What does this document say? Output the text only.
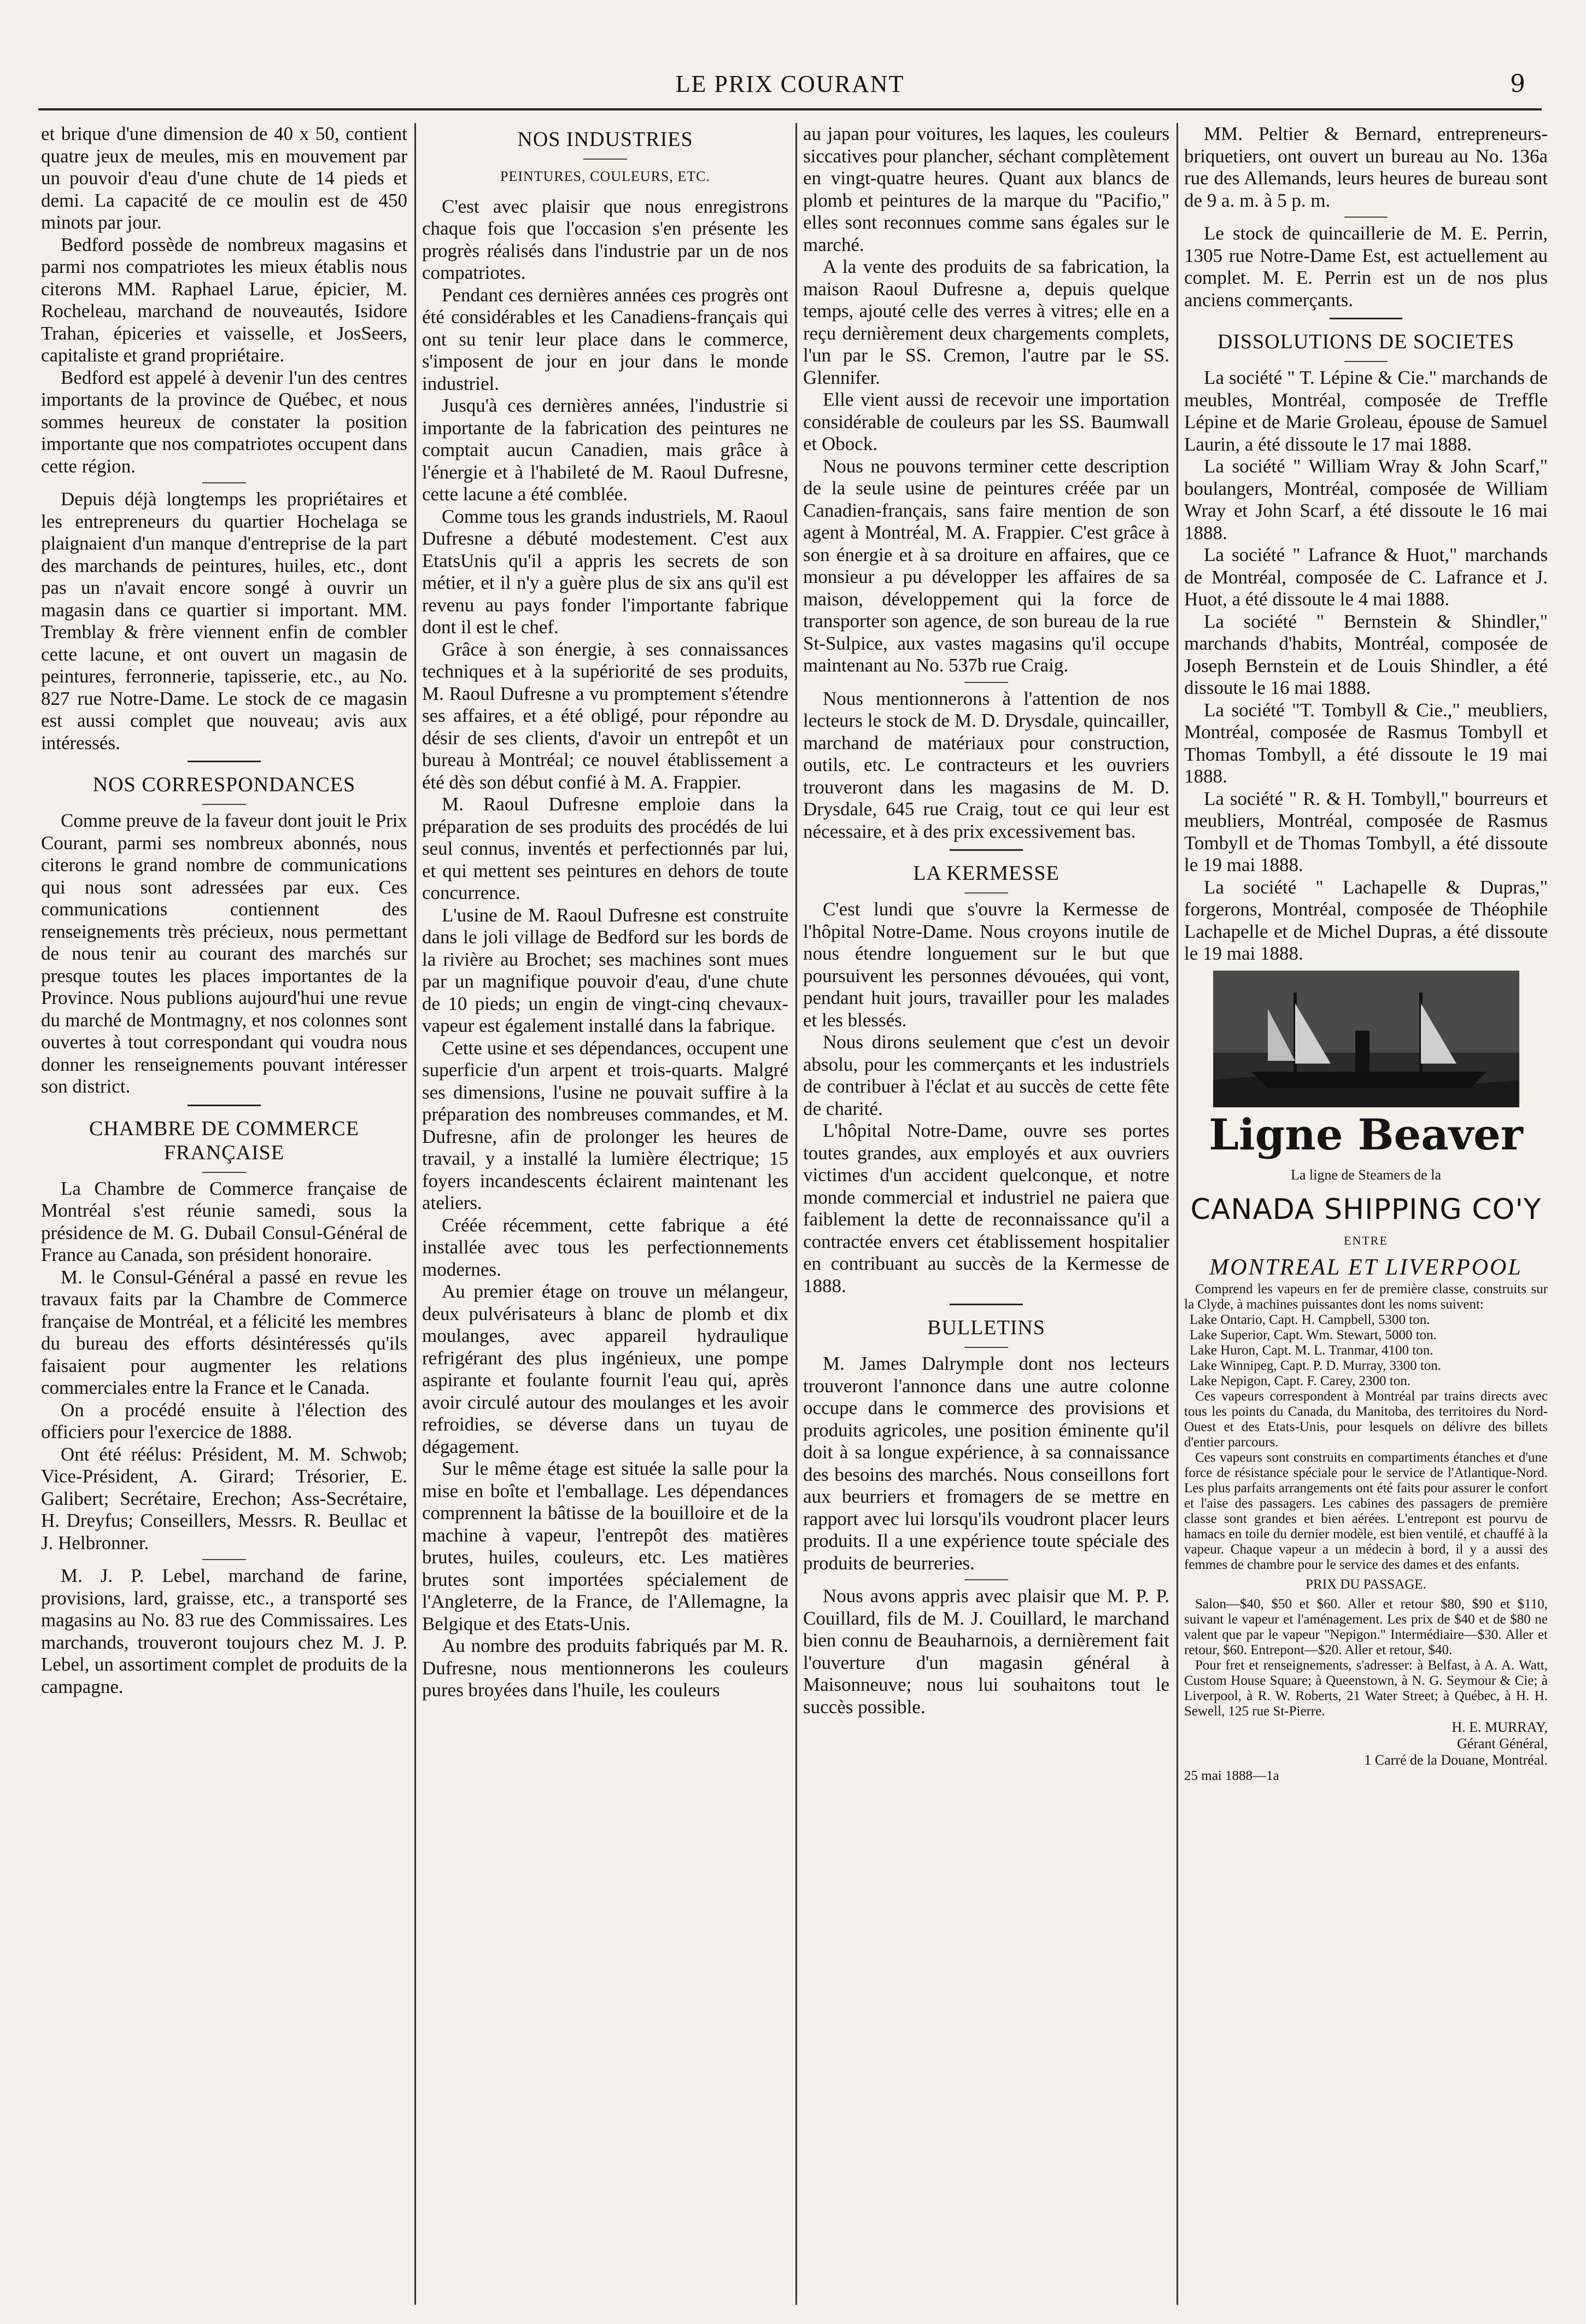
LE PRIX COURANT	9

et brique d'une dimension de 40 x 50, contient quatre jeux de meules, mis en mouvement par un pouvoir d'eau d'une chute de 14 pieds et demi. La capacité de ce moulin est de 450 minots par jour.

Bedford possède de nombreux magasins et parmi nos compatriotes les mieux établis nous citerons MM. Raphael Larue, épicier, M. Rocheleau, marchand de nouveautés, Isidore Trahan, épiceries et vaisselle, et JosSeers, capitaliste et grand propriétaire.

Bedford est appelé à devenir l'un des centres importants de la province de Québec, et nous sommes heureux de constater la position importante que nos compatriotes occupent dans cette région.

Depuis déjà longtemps les propriétaires et les entrepreneurs du quartier Hochelaga se plaignaient d'un manque d'entreprise de la part des marchands de peintures, huiles, etc., dont pas un n'avait encore songé à ouvrir un magasin dans ce quartier si important. MM. Tremblay & frère viennent enfin de combler cette lacune, et ont ouvert un magasin de peintures, ferronnerie, tapisserie, etc., au No. 827 rue Notre-Dame. Le stock de ce magasin est aussi complet que nouveau; avis aux intéressés.

NOS CORRESPONDANCES

Comme preuve de la faveur dont jouit le Prix Courant, parmi ses nombreux abonnés, nous citerons le grand nombre de communications qui nous sont adressées par eux. Ces communications contiennent des renseignements très précieux, nous permettant de nous tenir au courant des marchés sur presque toutes les places importantes de la Province. Nous publions aujourd'hui une revue du marché de Montmagny, et nos colonnes sont ouvertes à tout correspondant qui voudra nous donner les renseignements pouvant intéresser son district.

CHAMBRE DE COMMERCE FRANÇAISE

La Chambre de Commerce française de Montréal s'est réunie samedi, sous la présidence de M. G. Dubail Consul-Général de France au Canada, son président honoraire.

M. le Consul-Général a passé en revue les travaux faits par la Chambre de Commerce française de Montréal, et a félicité les membres du bureau des efforts désintéressés qu'ils faisaient pour augmenter les relations commerciales entre la France et le Canada.

On a procédé ensuite à l'élection des officiers pour l'exercice de 1888.

Ont été réélus: Président, M. M. Schwob; Vice-Président, A. Girard; Trésorier, E. Galibert; Secrétaire, Erechon; Ass-Secrétaire, H. Dreyfus; Conseillers, Messrs. R. Beullac et J. Helbronner.

M. J. P. Lebel, marchand de farine, provisions, lard, graisse, etc., a transporté ses magasins au No. 83 rue des Commissaires. Les marchands, trouveront toujours chez M. J. P. Lebel, un assortiment complet de produits de la campagne.

NOS INDUSTRIES
PEINTURES, COULEURS, ETC.

C'est avec plaisir que nous enregistrons chaque fois que l'occasion s'en présente les progrès réalisés dans l'industrie par un de nos compatriotes.

Pendant ces dernières années ces progrès ont été considérables et les Canadiens-français qui ont su tenir leur place dans le commerce, s'imposent de jour en jour dans le monde industriel.

Jusqu'à ces dernières années, l'industrie si importante de la fabrication des peintures ne comptait aucun Canadien, mais grâce à l'énergie et à l'habileté de M. Raoul Dufresne, cette lacune a été comblée.

Comme tous les grands industriels, M. Raoul Dufresne a débuté modestement. C'est aux EtatsUnis qu'il a appris les secrets de son métier, et il n'y a guère plus de six ans qu'il est revenu au pays fonder l'importante fabrique dont il est le chef.

Grâce à son énergie, à ses connaissances techniques et à la supériorité de ses produits, M. Raoul Dufresne a vu promptement s'étendre ses affaires, et a été obligé, pour répondre au désir de ses clients, d'avoir un entrepôt et un bureau à Montréal; ce nouvel établissement a été dès son début confié à M. A. Frappier.

M. Raoul Dufresne emploie dans la préparation de ses produits des procédés de lui seul connus, inventés et perfectionnés par lui, et qui mettent ses peintures en dehors de toute concurrence.

L'usine de M. Raoul Dufresne est construite dans le joli village de Bedford sur les bords de la rivière au Brochet; ses machines sont mues par un magnifique pouvoir d'eau, d'une chute de 10 pieds; un engin de vingt-cinq chevaux-vapeur est également installé dans la fabrique.

Cette usine et ses dépendances, occupent une superficie d'un arpent et trois-quarts. Malgré ses dimensions, l'usine ne pouvait suffire à la préparation des nombreuses commandes, et M. Dufresne, afin de prolonger les heures de travail, y a installé la lumière électrique; 15 foyers incandescents éclairent maintenant les ateliers.

Créée récemment, cette fabrique a été installée avec tous les perfectionnements modernes.

Au premier étage on trouve un mélangeur, deux pulvérisateurs à blanc de plomb et dix moulanges, avec appareil hydraulique refrigérant des plus ingénieux, une pompe aspirante et foulante fournit l'eau qui, après avoir circulé autour des moulanges et les avoir refroidies, se déverse dans un tuyau de dégagement.

Sur le même étage est située la salle pour la mise en boîte et l'emballage. Les dépendances comprennent la bâtisse de la bouilloire et de la machine à vapeur, l'entrepôt des matières brutes, huiles, couleurs, etc. Les matières brutes sont importées spécialement de l'Angleterre, de la France, de l'Allemagne, la Belgique et des Etats-Unis.

Au nombre des produits fabriqués par M. R. Dufresne, nous mentionnerons les couleurs pures broyées dans l'huile, les couleurs

au japan pour voitures, les laques, les couleurs siccatives pour plancher, séchant complètement en vingt-quatre heures. Quant aux blancs de plomb et peintures de la marque du "Pacifio," elles sont reconnues comme sans égales sur le marché.

A la vente des produits de sa fabrication, la maison Raoul Dufresne a, depuis quelque temps, ajouté celle des verres à vitres; elle en a reçu dernièrement deux chargements complets, l'un par le SS. Cremon, l'autre par le SS. Glennifer.

Elle vient aussi de recevoir une importation considérable de couleurs par les SS. Baumwall et Obock.

Nous ne pouvons terminer cette description de la seule usine de peintures créée par un Canadien-français, sans faire mention de son agent à Montréal, M. A. Frappier. C'est grâce à son énergie et à sa droiture en affaires, que ce monsieur a pu développer les affaires de sa maison, développement qui la force de transporter son agence, de son bureau de la rue St-Sulpice, aux vastes magasins qu'il occupe maintenant au No. 537b rue Craig.

Nous mentionnerons à l'attention de nos lecteurs le stock de M. D. Drysdale, quincailler, marchand de matériaux pour construction, outils, etc. Le contracteurs et les ouvriers trouveront dans les magasins de M. D. Drysdale, 645 rue Craig, tout ce qui leur est nécessaire, et à des prix excessivement bas.

LA KERMESSE

C'est lundi que s'ouvre la Kermesse de l'hôpital Notre-Dame. Nous croyons inutile de nous étendre longuement sur le but que poursuivent les personnes dévouées, qui vont, pendant huit jours, travailler pour les malades et les blessés.

Nous dirons seulement que c'est un devoir absolu, pour les commerçants et les industriels de contribuer à l'éclat et au succès de cette fête de charité.

L'hôpital Notre-Dame, ouvre ses portes toutes grandes, aux employés et aux ouvriers victimes d'un accident quelconque, et notre monde commercial et industriel ne paiera que faiblement la dette de reconnaissance qu'il a contractée envers cet établissement hospitalier en contribuant au succès de la Kermesse de 1888.

BULLETINS

M. James Dalrymple dont nos lecteurs trouveront l'annonce dans une autre colonne occupe dans le commerce des provisions et produits agricoles, une position éminente qu'il doit à sa longue expérience, à sa connaissance des besoins des marchés. Nous conseillons fort aux beurriers et fromagers de se mettre en rapport avec lui lorsqu'ils voudront placer leurs produits. Il a une expérience toute spéciale des produits de beurreries.

Nous avons appris avec plaisir que M. P. P. Couillard, fils de M. J. Couillard, le marchand bien connu de Beauharnois, a dernièrement fait l'ouverture d'un magasin général à Maisonneuve; nous lui souhaitons tout le succès possible.

MM. Peltier & Bernard, entrepreneurs-briquetiers, ont ouvert un bureau au No. 136a rue des Allemands, leurs heures de bureau sont de 9 a. m. à 5 p. m.

Le stock de quincaillerie de M. E. Perrin, 1305 rue Notre-Dame Est, est actuellement au complet. M. E. Perrin est un de nos plus anciens commerçants.

DISSOLUTIONS DE SOCIETES

La société " T. Lépine & Cie." marchands de meubles, Montréal, composée de Treffle Lépine et de Marie Groleau, épouse de Samuel Laurin, a été dissoute le 17 mai 1888.

La société " William Wray & John Scarf," boulangers, Montréal, composée de William Wray et John Scarf, a été dissoute le 16 mai 1888.

La société " Lafrance & Huot," marchands de Montréal, composée de C. Lafrance et J. Huot, a été dissoute le 4 mai 1888.

La société " Bernstein & Shindler," marchands d'habits, Montréal, composée de Joseph Bernstein et de Louis Shindler, a été dissoute le 16 mai 1888.

La société "T. Tombyll & Cie.," meubliers, Montréal, composée de Rasmus Tombyll et Thomas Tombyll, a été dissoute le 19 mai 1888.

La société " R. & H. Tombyll," bourreurs et meubliers, Montréal, composée de Rasmus Tombyll et de Thomas Tombyll, a été dissoute le 19 mai 1888.

La société " Lachapelle & Dupras," forgerons, Montréal, composée de Théophile Lachapelle et de Michel Dupras, a été dissoute le 19 mai 1888.

Ligne Beaver
La ligne de Steamers de la
CANADA SHIPPING CO'Y
ENTRE
MONTREAL ET LIVERPOOL

Comprend les vapeurs en fer de première classe, construits sur la Clyde, à machines puissantes dont les noms suivent:

Lake Ontario, Capt. H. Campbell, 5300 ton.
Lake Superior, Capt. Wm. Stewart, 5000 ton.
Lake Huron, Capt. M. L. Tranmar, 4100 ton.
Lake Winnipeg, Capt. P. D. Murray, 3300 ton.
Lake Nepigon, Capt. F. Carey, 2300 ton.

Ces vapeurs correspondent à Montréal par trains directs avec tous les points du Canada, du Manitoba, des territoires du Nord-Ouest et des Etats-Unis, pour lesquels on délivre des billets d'entier parcours.

Ces vapeurs sont construits en compartiments étanches et d'une force de résistance spéciale pour le service de l'Atlantique-Nord. Les plus parfaits arrangements ont été faits pour assurer le confort et l'aise des passagers. Les cabines des passagers de première classe sont grandes et bien aérées. L'entrepont est pourvu de hamacs en toile du dernier modèle, est bien ventilé, et chauffé à la vapeur. Chaque vapeur a un médecin à bord, il y a aussi des femmes de chambre pour le service des dames et des enfants.

PRIX DU PASSAGE.

Salon—$40, $50 et $60. Aller et retour $80, $90 et $110, suivant le vapeur et l'aménagement. Les prix de $40 et de $80 ne valent que par le vapeur "Nepigon." Intermédiaire—$30. Aller et retour, $60. Entrepont—$20. Aller et retour, $40.

Pour fret et renseignements, s'adresser: à Belfast, à A. A. Watt, Custom House Square; à Queenstown, à N. G. Seymour & Cie; à Liverpool, à R. W. Roberts, 21 Water Street; à Québec, à H. H. Sewell, 125 rue St-Pierre.

H. E. MURRAY,
Gérant Général,
1 Carré de la Douane, Montréal.
25 mai 1888—1a
